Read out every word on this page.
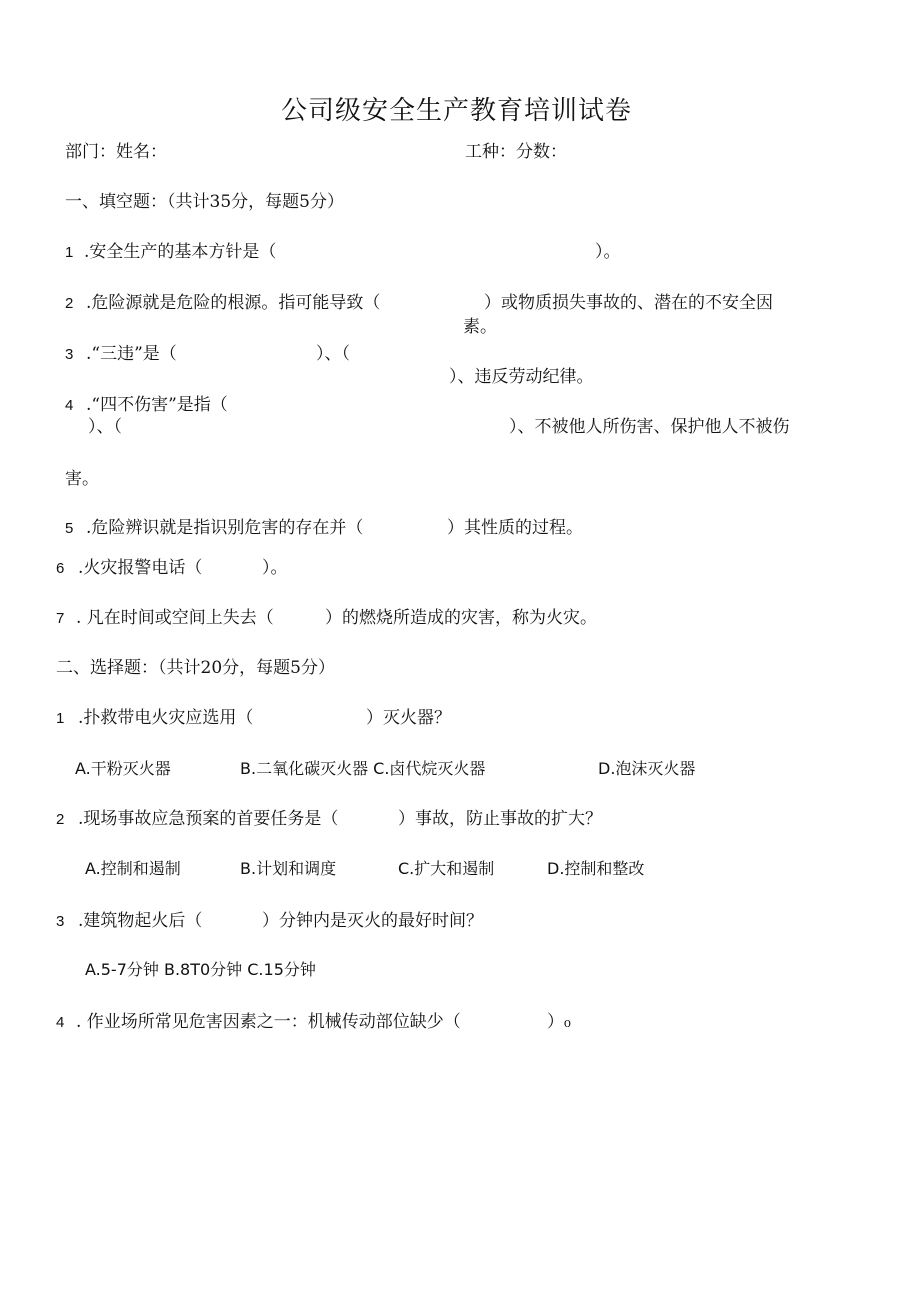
公司级安全生产教育培训试卷
部门：姓名：	工种：分数：
一、填空题：（共计35分，每题5分）
1 .安全生产的基本方针是（	）。
2 .危险源就是危险的根源。指可能导致（	）或物质损失事故的、潜在的不安全因
素。
3 .“三违”是（	）、（
）、违反劳动纪律。
4 .“四不伤害”是指（
）、（	）、不被他人所伤害、保护他人不被伤
害。
5 .危险辨识就是指识别危害的存在并（	）其性质的过程。
6 .火灾报警电话（	）。
7 . 凡在时间或空间上失去（	）的燃烧所造成的灾害，称为火灾。
二、选择题：（共计20分，每题5分）
1 .扑救带电火灾应选用（	）灭火器？
A.干粉灭火器	B.二氧化碳灭火器 C.卤代烷灭火器	D.泡沫灭火器
2 .现场事故应急预案的首要任务是（	）事故，防止事故的扩大？
A.控制和遏制	B.计划和调度	C.扩大和遏制	D.控制和整改
3 .建筑物起火后（	）分钟内是灭火的最好时间？
A.5-7分钟 B.8T0分钟 C.15分钟
4 . 作业场所常见危害因素之一：机械传动部位缺少（	）₀
